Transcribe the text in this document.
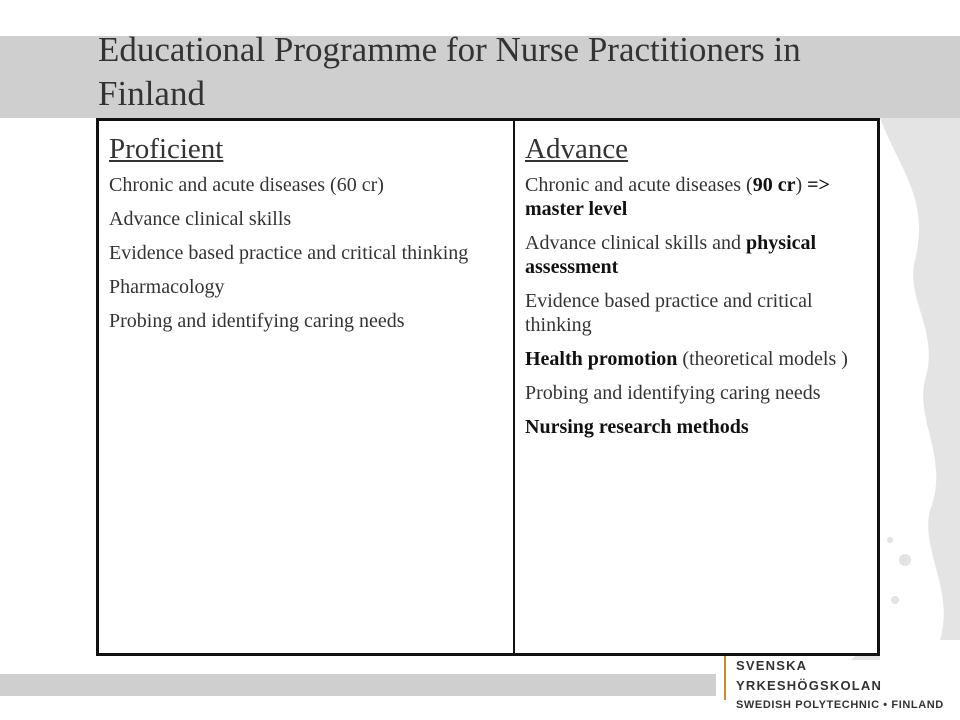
Educational Programme for Nurse Practitioners in Finland
Proficient

Chronic and acute diseases (60 cr)

Advance clinical skills

Evidence based practice and critical thinking

Pharmacology

Probing and identifying caring needs

Advance

Chronic and acute diseases (90 cr) => master level

Advance clinical skills and physical assessment

Evidence based practice and critical thinking

Health promotion (theoretical models )

Probing and identifying caring needs

Nursing research methods

SVENSKA YRKESHÖGSKOLAN
SWEDISH POLYTECHNIC • FINLAND
